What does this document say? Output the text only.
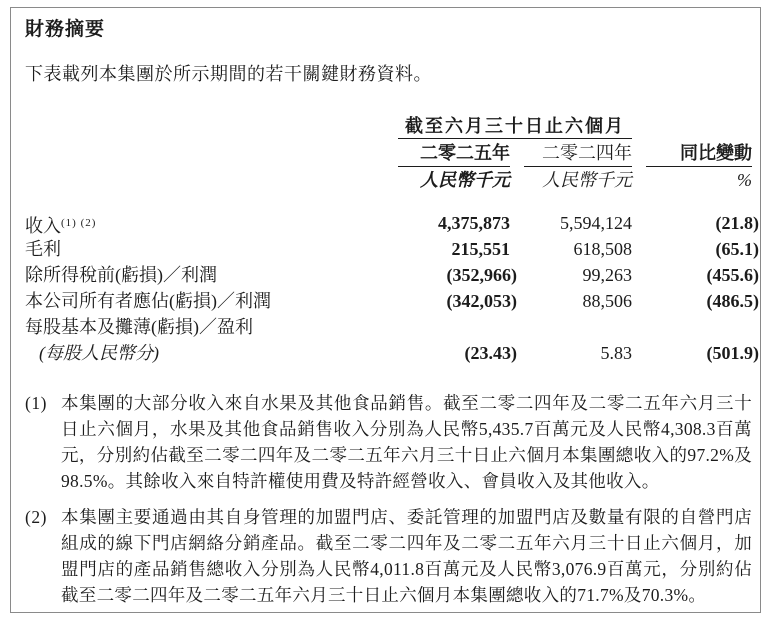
財務摘要
下表載列本集團於所示期間的若干關鍵財務資料。
截至六月三十日止六個月
二零二五年	二零二四年	同比變動
人民幣千元	人民幣千元	%
收入$^{(1) (2)}$	4,375,873	5,594,124	(21.8)
毛利	215,551	618,508	(65.1)
除所得稅前(虧損)／利潤	(352,966)	99,263	(455.6)
本公司所有者應佔(虧損)／利潤	(342,053)	88,506	(486.5)
每股基本及攤薄(虧損)／盈利
(每股人民幣分)	(23.43)	5.83	(501.9)
(1) 本集團的大部分收入來自水果及其他食品銷售。截至二零二四年及二零二五年六月三十日止六個月，水果及其他食品銷售收入分別為人民幣5,435.7百萬元及人民幣4,308.3百萬元，分別約佔截至二零二四年及二零二五年六月三十日止六個月本集團總收入的97.2%及98.5%。其餘收入來自特許權使用費及特許經營收入、會員收入及其他收入。
(2) 本集團主要通過由其自身管理的加盟門店、委託管理的加盟門店及數量有限的自營門店組成的線下門店網絡分銷產品。截至二零二四年及二零二五年六月三十日止六個月，加盟門店的產品銷售總收入分別為人民幣4,011.8百萬元及人民幣3,076.9百萬元，分別約佔截至二零二四年及二零二五年六月三十日止六個月本集團總收入的71.7%及70.3%。
